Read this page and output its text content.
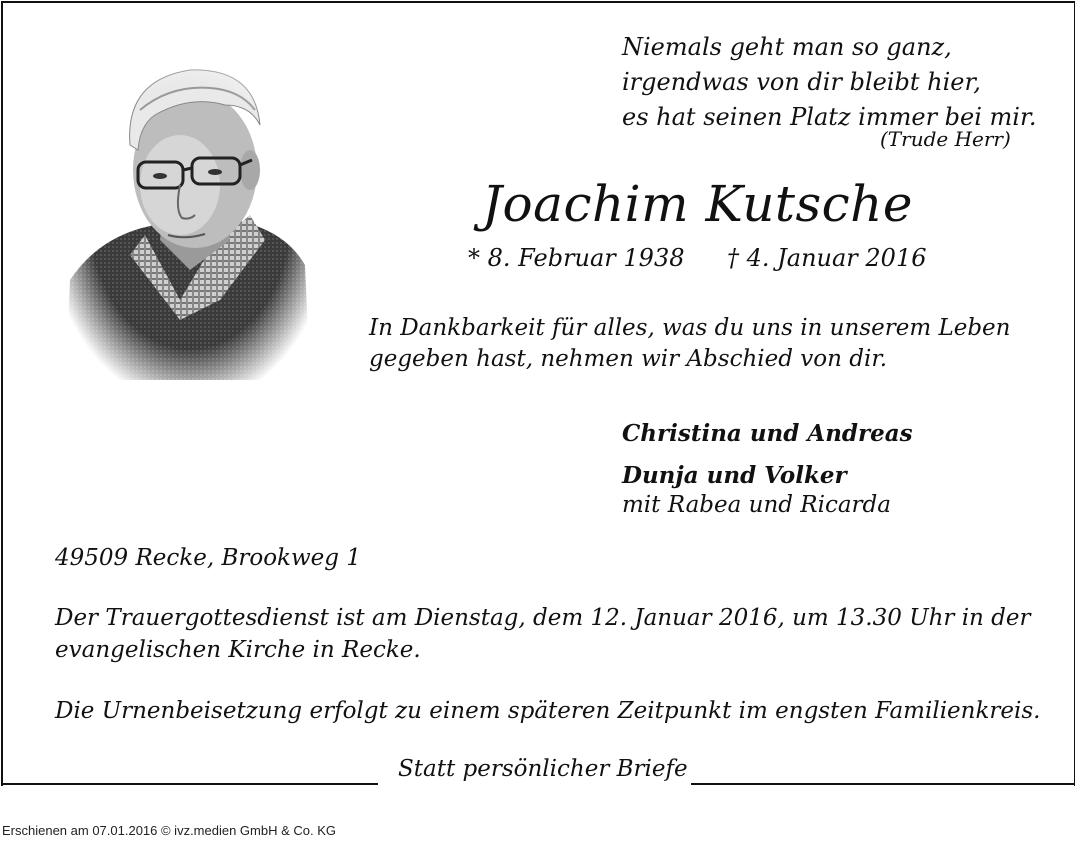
Niemals geht man so ganz,
irgendwas von dir bleibt hier,
es hat seinen Platz immer bei mir.
(Trude Herr)
Joachim Kutsche
* 8. Februar 1938 † 4. Januar 2016
In Dankbarkeit für alles, was du uns in unserem Leben
gegeben hast, nehmen wir Abschied von dir.
Christina und Andreas
Dunja und Volker
mit Rabea und Ricarda
49509 Recke, Brookweg 1
Der Trauergottesdienst ist am Dienstag, dem 12. Januar 2016, um 13.30 Uhr in der
evangelischen Kirche in Recke.
Die Urnenbeisetzung erfolgt zu einem späteren Zeitpunkt im engsten Familienkreis.
Statt persönlicher Briefe
Erschienen am 07.01.2016 © ivz.medien GmbH & Co. KG
